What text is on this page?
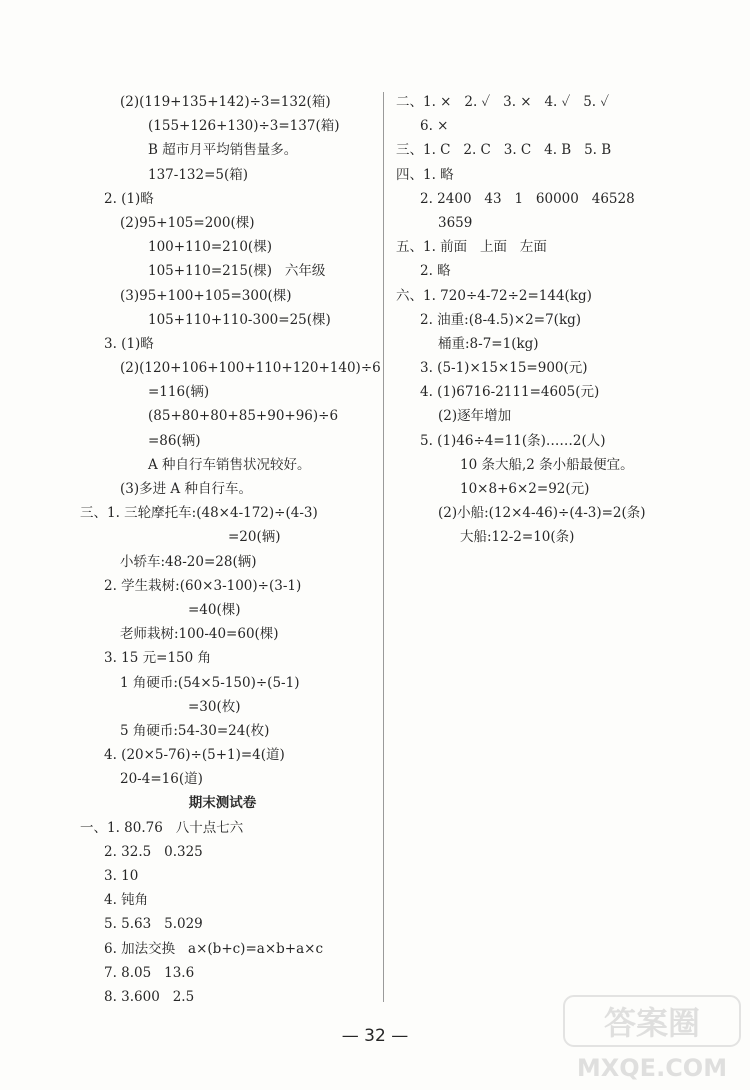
(2)(119+135+142)÷3=132(箱)
(155+126+130)÷3=137(箱)
B 超市月平均销售量多。
137-132=5(箱)
2. (1)略
(2)95+105=200(棵)
100+110=210(棵)
105+110=215(棵)   六年级
(3)95+100+105=300(棵)
105+110+110-300=25(棵)
3. (1)略
(2)(120+106+100+110+120+140)÷6
=116(辆)
(85+80+80+85+90+96)÷6
=86(辆)
A 种自行车销售状况较好。
(3)多进 A 种自行车。
三、1. 三轮摩托车:(48×4-172)÷(4-3)
=20(辆)
小轿车:48-20=28(辆)
2. 学生栽树:(60×3-100)÷(3-1)
=40(棵)
老师栽树:100-40=60(棵)
3. 15 元=150 角
1 角硬币:(54×5-150)÷(5-1)
=30(枚)
5 角硬币:54-30=24(枚)
4. (20×5-76)÷(5+1)=4(道)
20-4=16(道)
期末测试卷
一、1. 80.76   八十点七六
2. 32.5   0.325
3. 10
4. 钝角
5. 5.63   5.029
6. 加法交换   a×(b+c)=a×b+a×c
7. 8.05   13.6
8. 3.600   2.5
二、1. ×   2. ✓   3. ×   4. ✓   5. ✓
6. ×
三、1. C   2. C   3. C   4. B   5. B
四、1. 略
2. 2400   43   1   60000   46528
3659
五、1. 前面   上面   左面
2. 略
六、1. 720÷4-72÷2=144(kg)
2. 油重:(8-4.5)×2=7(kg)
桶重:8-7=1(kg)
3. (5-1)×15×15=900(元)
4. (1)6716-2111=4605(元)
(2)逐年增加
5. (1)46÷4=11(条)……2(人)
10 条大船,2 条小船最便宜。
10×8+6×2=92(元)
(2)小船:(12×4-46)÷(4-3)=2(条)
大船:12-2=10(条)
— 32 —	答案圈
MXQE.COM
